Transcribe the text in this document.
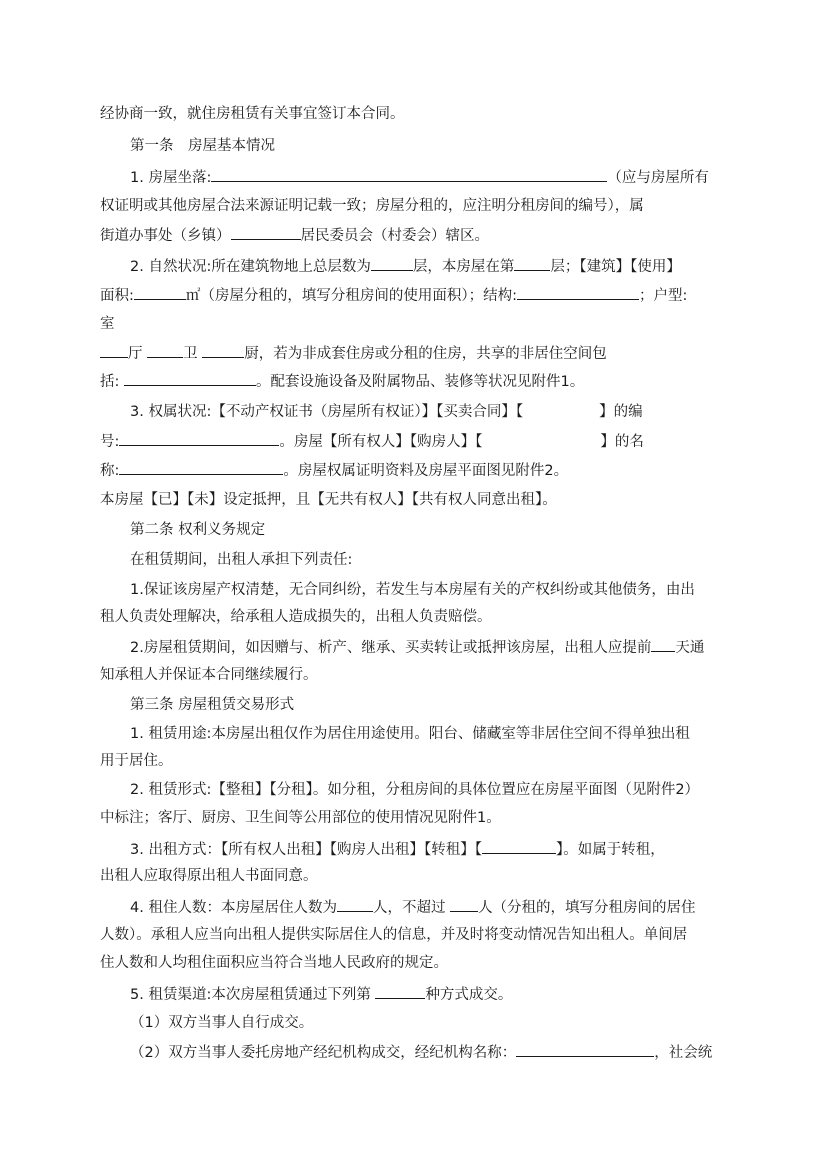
经协商一致，就住房租赁有关事宜签订本合同。
第一条　房屋基本情况
1. 房屋坐落:	（应与房屋所有
权证明或其他房屋合法来源证明记载一致；房屋分租的，应注明分租房间的编号），属
街道办事处（乡镇）	居民委员会（村委会）辖区。
2. 自然状况:所在建筑物地上总层数为	层，本房屋在第 层；【建筑】【使用】
面积:	㎡（房屋分租的，填写分租房间的使用面积）；结构:	；户型:
室
厅	卫	厨，若为非成套住房或分租的住房，共享的非居住空间包
括:	。配套设施设备及附属物品、装修等状况见附件1。
3. 权属状况:【不动产权证书（房屋所有权证）】【买卖合同】【	】的编
号:	。房屋【所有权人】【购房人】【	】的名
称:	。房屋权属证明资料及房屋平面图见附件2。
本房屋【已】【未】设定抵押，且【无共有权人】【共有权人同意出租】。
第二条 权利义务规定
在租赁期间，出租人承担下列责任:
1.保证该房屋产权清楚，无合同纠纷，若发生与本房屋有关的产权纠纷或其他债务，由出
租人负责处理解决，给承租人造成损失的，出租人负责赔偿。
2.房屋租赁期间，如因赠与、析产、继承、买卖转让或抵押该房屋，出租人应提前 天通
知承租人并保证本合同继续履行。
第三条 房屋租赁交易形式
1. 租赁用途:本房屋出租仅作为居住用途使用。阳台、储藏室等非居住空间不得单独出租
用于居住。
2. 租赁形式:【整租】【分租】。如分租，分租房间的具体位置应在房屋平面图（见附件2）
中标注；客厅、厨房、卫生间等公用部位的使用情况见附件1。
3. 出租方式：【所有权人出租】【购房人出租】【转租】【	】。如属于转租，
出租人应取得原出租人书面同意。
4. 租住人数：本房屋居住人数为 人，不超过 人（分租的，填写分租房间的居住
人数）。承租人应当向出租人提供实际居住人的信息，并及时将变动情况告知出租人。单间居
住人数和人均租住面积应当符合当地人民政府的规定。
5. 租赁渠道:本次房屋租赁通过下列第	种方式成交。
（1）双方当事人自行成交。
（2）双方当事人委托房地产经纪机构成交，经纪机构名称：	，社会统
